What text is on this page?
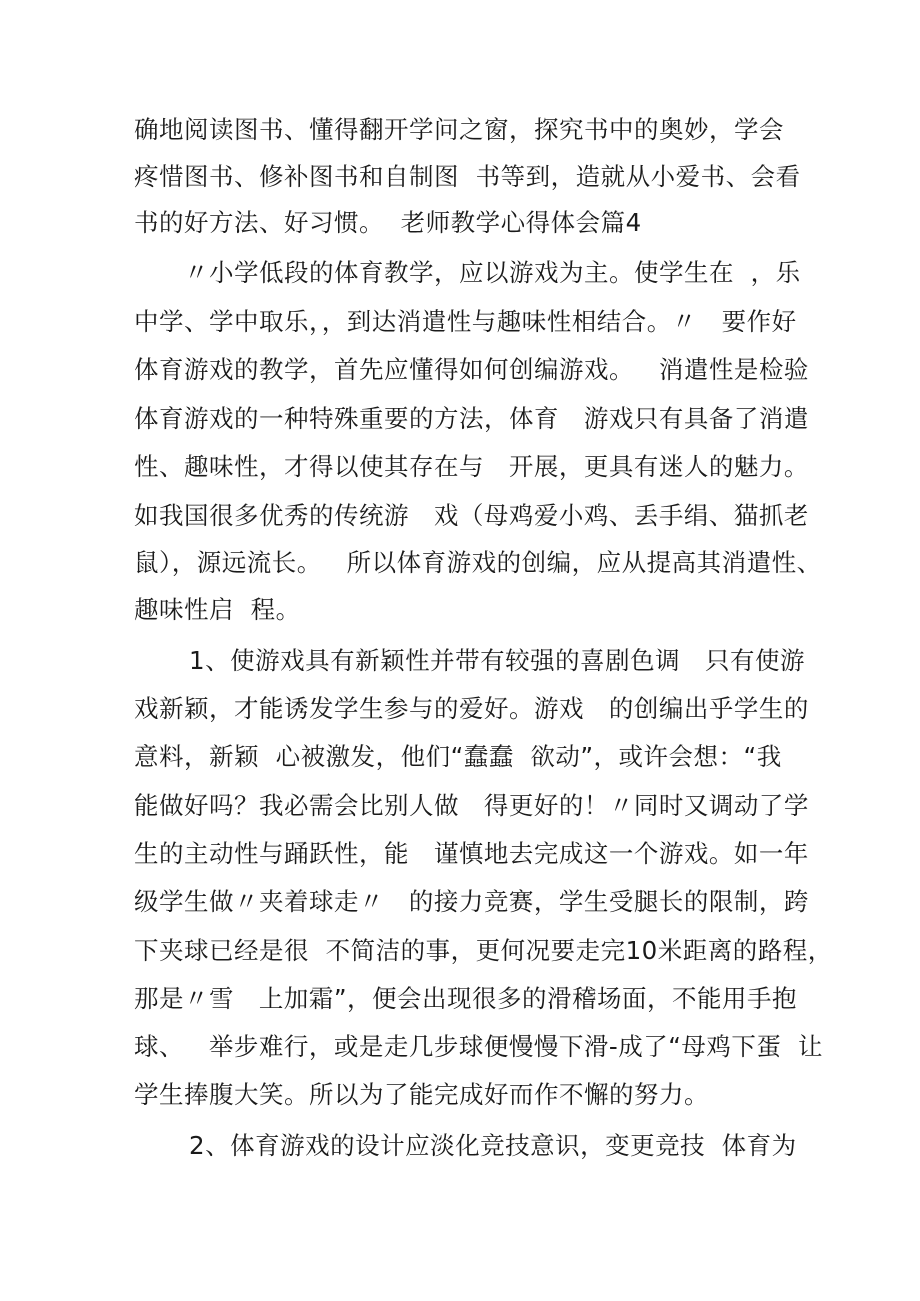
确地阅读图书、懂得翻开学问之窗，探究书中的奥妙，学会
疼惜图书、修补图书和自制图  书等到，造就从小爱书、会看
书的好方法、好习惯。  老师教学心得体会篇4
〃小学低段的体育教学，应以游戏为主。使学生在  ，乐
中学、学中取乐，，到达消遣性与趣味性相结合。〃   要作好
体育游戏的教学，首先应懂得如何创编游戏。   消遣性是检验
体育游戏的一种特殊重要的方法，体育   游戏只有具备了消遣
性、趣味性，才得以使其存在与   开展，更具有迷人的魅力。
如我国很多优秀的传统游   戏（母鸡爱小鸡、丢手绢、猫抓老
鼠），源远流长。   所以体育游戏的创编，应从提高其消遣性、
趣味性启  程。
1、使游戏具有新颖性并带有较强的喜剧色调   只有使游
戏新颖，才能诱发学生参与的爱好。游戏   的创编出乎学生的
意料，新颖  心被激发，他们“蠢蠢  欲动”，或许会想：“我
能做好吗？我必需会比别人做   得更好的！〃同时又调动了学
生的主动性与踊跃性，能   谨慎地去完成这一个游戏。如一年
级学生做〃夹着球走〃   的接力竞赛，学生受腿长的限制，跨
下夹球已经是很  不简洁的事，更何况要走完10米距离的路程，
那是〃雪   上加霜”，便会出现很多的滑稽场面，不能用手抱
球、   举步难行，或是走几步球便慢慢下滑-成了“母鸡下蛋  让
学生捧腹大笑。所以为了能完成好而作不懈的努力。
2、体育游戏的设计应淡化竞技意识，变更竞技  体育为
